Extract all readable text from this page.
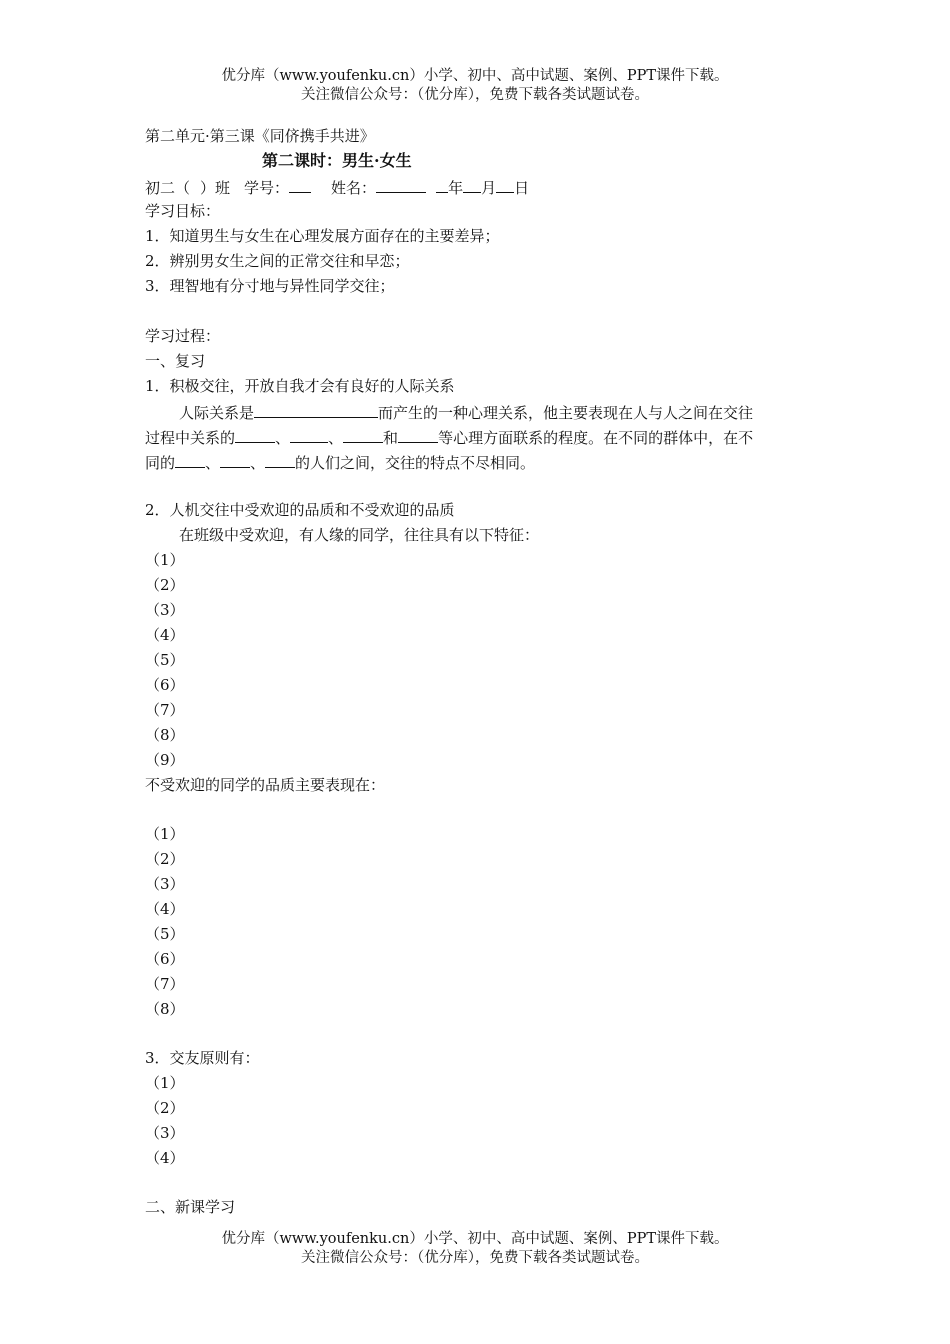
优分库（www.youfenku.cn）小学、初中、高中试题、案例、PPT课件下载。
关注微信公众号：（优分库），免费下载各类试题试卷。
第二单元·第三课《同侪携手共进》
第二课时：男生·女生
初二（ ）班 学号：	姓名：	年 月 日
学习目标：
1．知道男生与女生在心理发展方面存在的主要差异；
2．辨别男女生之间的正常交往和早恋；
3．理智地有分寸地与异性同学交往；
学习过程：
一、复习
1．积极交往，开放自我才会有良好的人际关系
人际关系是	而产生的一种心理关系，他主要表现在人与人之间在交往
过程中关系的	、	、	和	等心理方面联系的程度。在不同的群体中，在不
同的 、 、 的人们之间，交往的特点不尽相同。
2．人机交往中受欢迎的品质和不受欢迎的品质
在班级中受欢迎，有人缘的同学，往往具有以下特征：
（1）
（2）
（3）
（4）
（5）
（6）
（7）
（8）
（9）
不受欢迎的同学的品质主要表现在：
（1）
（2）
（3）
（4）
（5）
（6）
（7）
（8）
3．交友原则有：
（1）
（2）
（3）
（4）
二、新课学习
优分库（www.youfenku.cn）小学、初中、高中试题、案例、PPT课件下载。
关注微信公众号：（优分库），免费下载各类试题试卷。
